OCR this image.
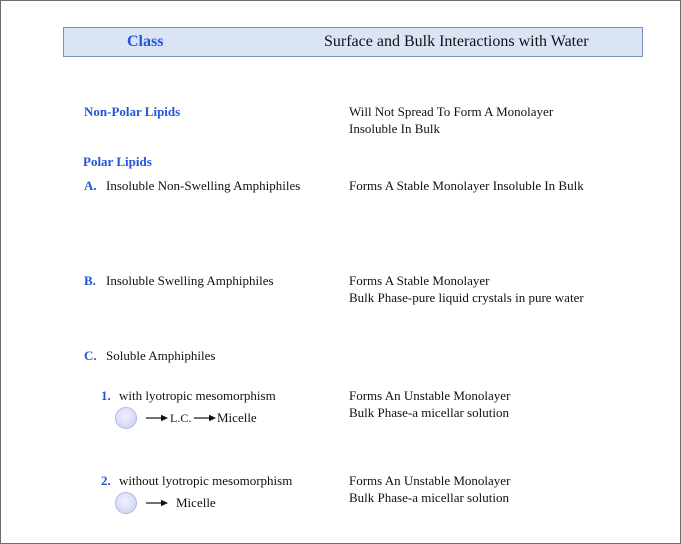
Class	Surface and Bulk Interactions with Water
Non-Polar Lipids	Will Not Spread To Form A Monolayer
Insoluble In Bulk
Polar Lipids
A. Insoluble Non-Swelling Amphiphiles	Forms A Stable Monolayer Insoluble In Bulk
B. Insoluble Swelling Amphiphiles	Forms A Stable Monolayer
Bulk Phase-pure liquid crystals in pure water
C. Soluble Amphiphiles
1. with lyotropic mesomorphism	Forms An Unstable Monolayer
Bulk Phase-a micellar solution
L.C. Micelle
2. without lyotropic mesomorphism	Forms An Unstable Monolayer
Bulk Phase-a micellar solution
Micelle
